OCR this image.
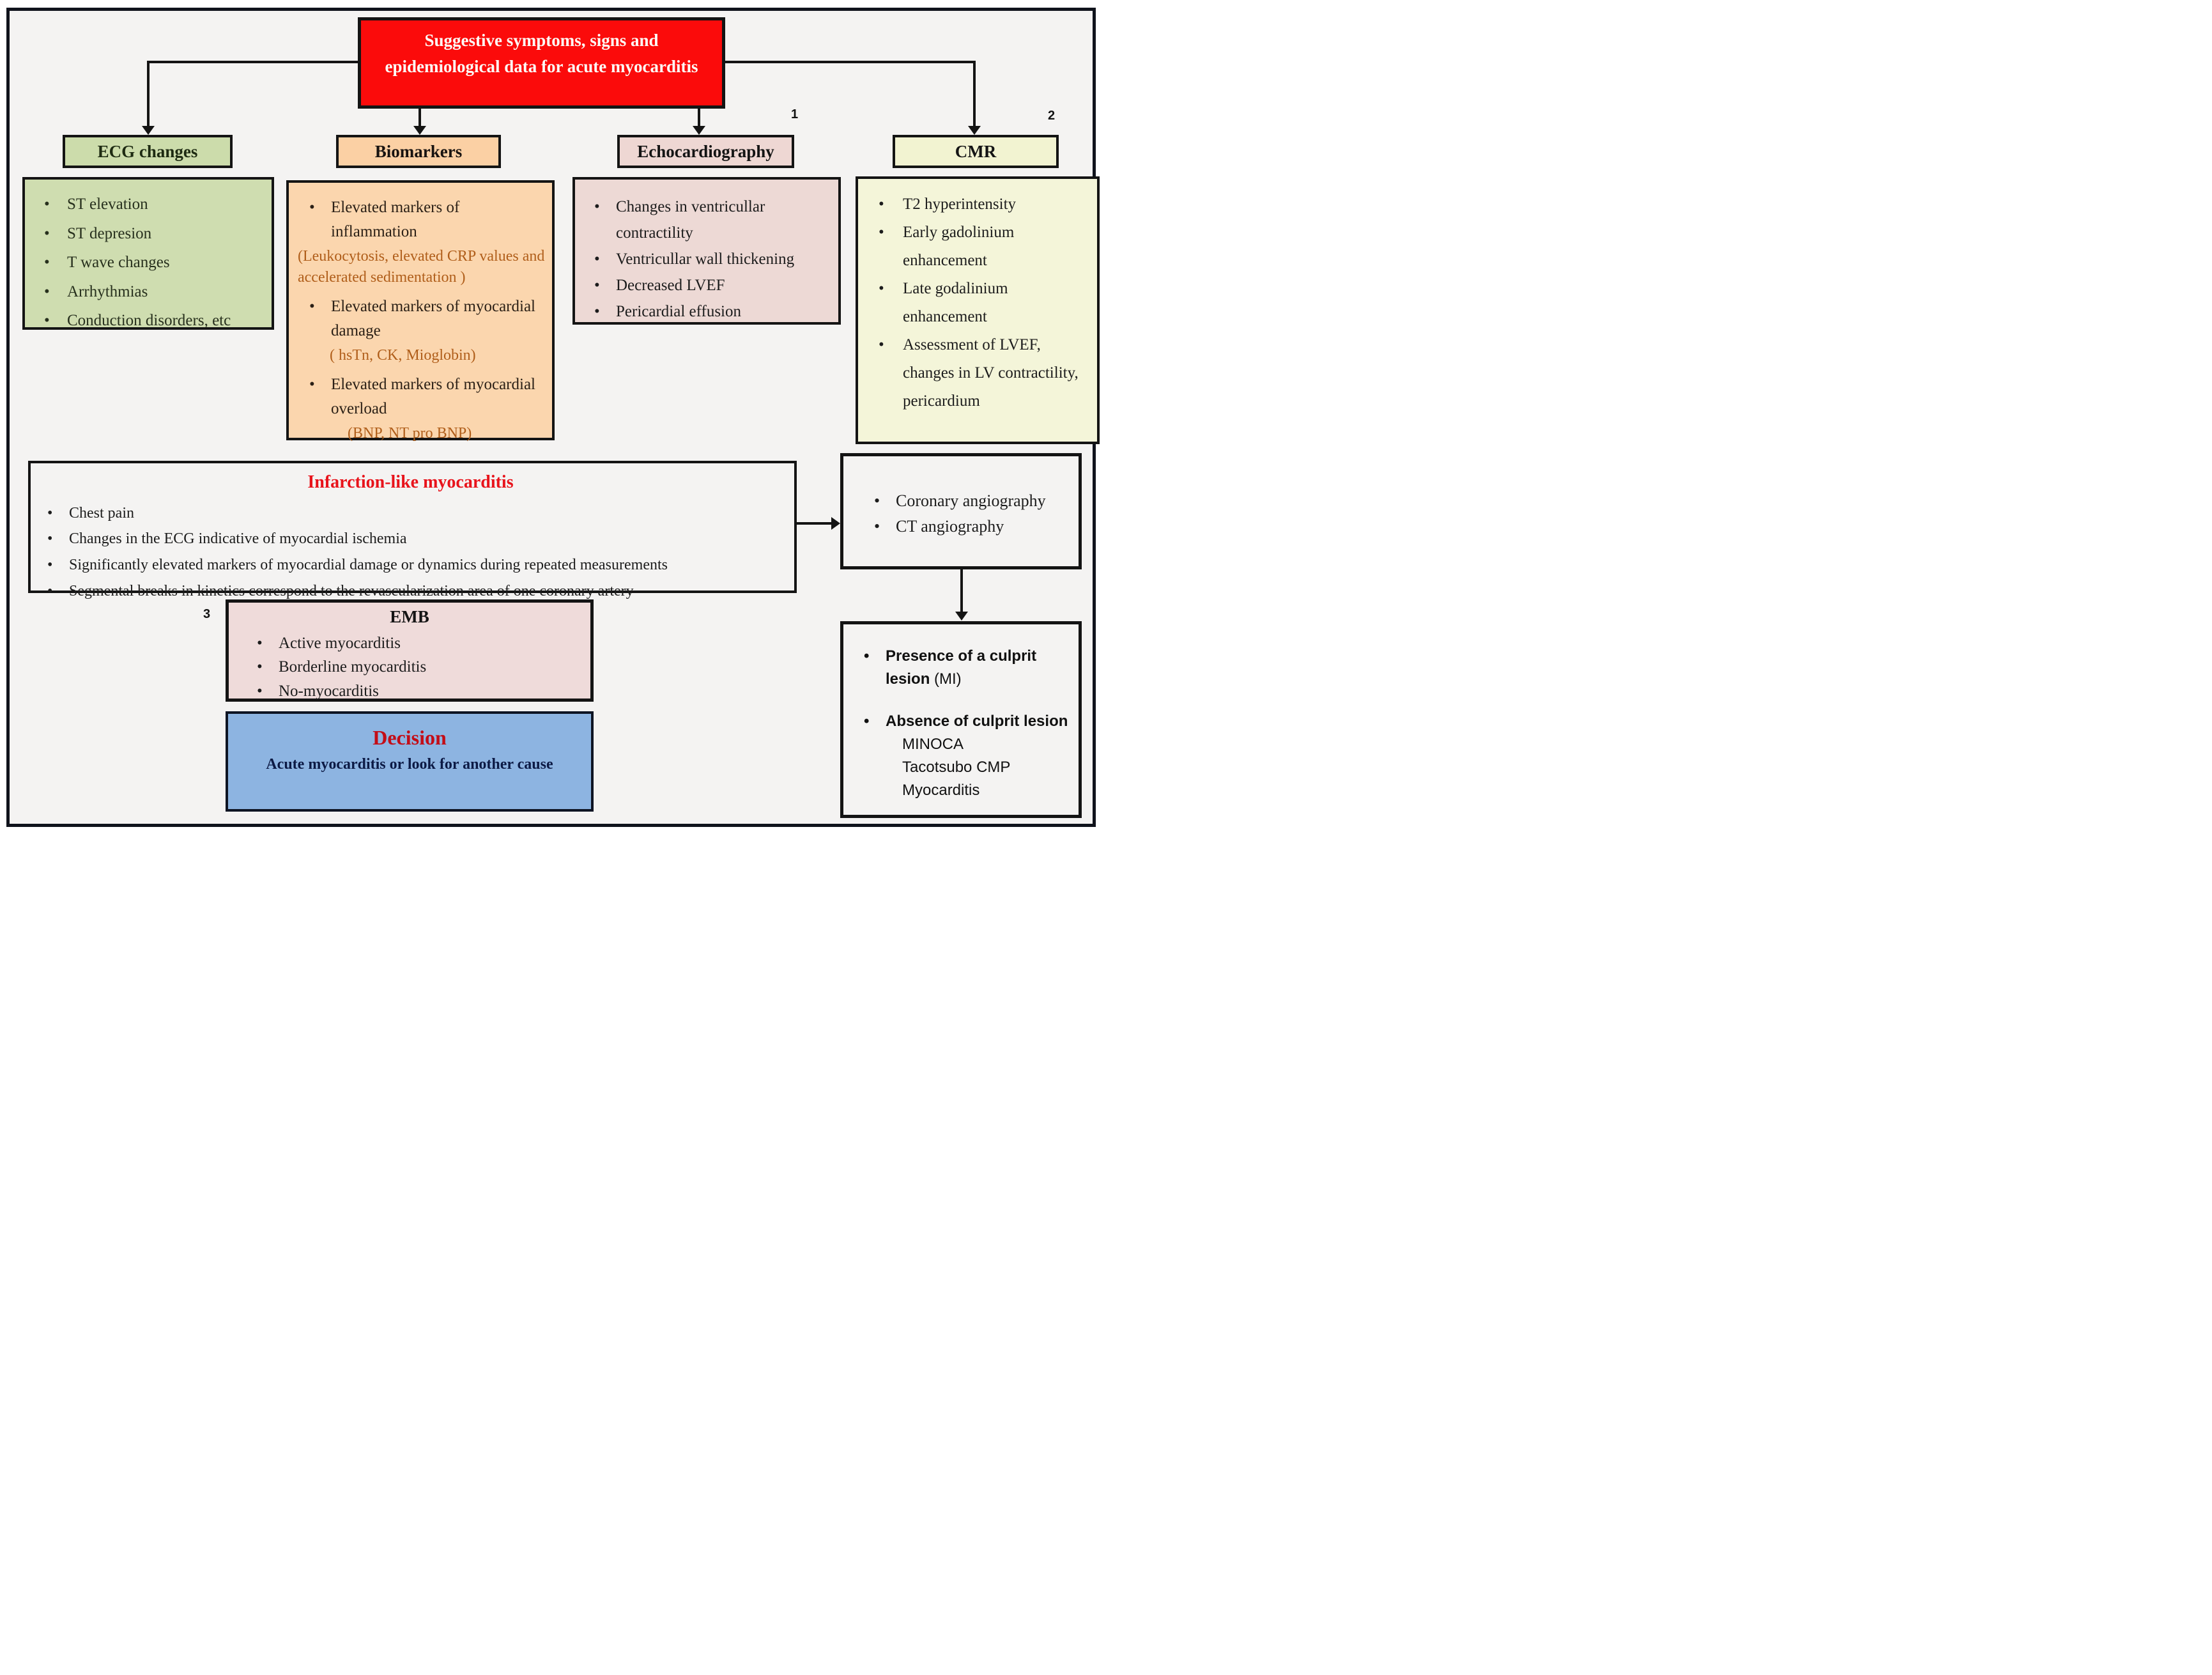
Suggestive symptoms, signs and epidemiological data for acute myocarditis
1	2
3
ECG changes	Biomarkers	Echocardiography	CMR
• ST elevation
• ST depresion
• T wave changes
• Arrhythmias
• Conduction disorders, etc
• Elevated markers of inflammation
(Leukocytosis, elevated CRP values and accelerated sedimentation )
• Elevated markers of myocardial damage
( hsTn, CK, Mioglobin)
• Elevated markers of myocardial overload
(BNP, NT pro BNP)
• Changes in ventricullar contractility
• Ventricullar wall thickening
• Decreased LVEF
• Pericardial effusion
• T2 hyperintensity
• Early gadolinium enhancement
• Late godalinium enhancement
• Assessment of LVEF, changes in LV contractility, pericardium
Infarction-like myocarditis
• Chest pain
• Changes in the ECG indicative of myocardial ischemia
• Significantly elevated markers of myocardial damage or dynamics during repeated measurements
• Segmental breaks in kinetics correspond to the revascularization area of one coronary artery
• Coronary angiography
• CT angiography
• Presence of a culprit lesion (MI)
• Absence of culprit lesion
MINOCA
Tacotsubo CMP
Myocarditis
EMB
• Active myocarditis
• Borderline myocarditis
• No-myocarditis
Decision
Acute myocarditis or look for another cause
